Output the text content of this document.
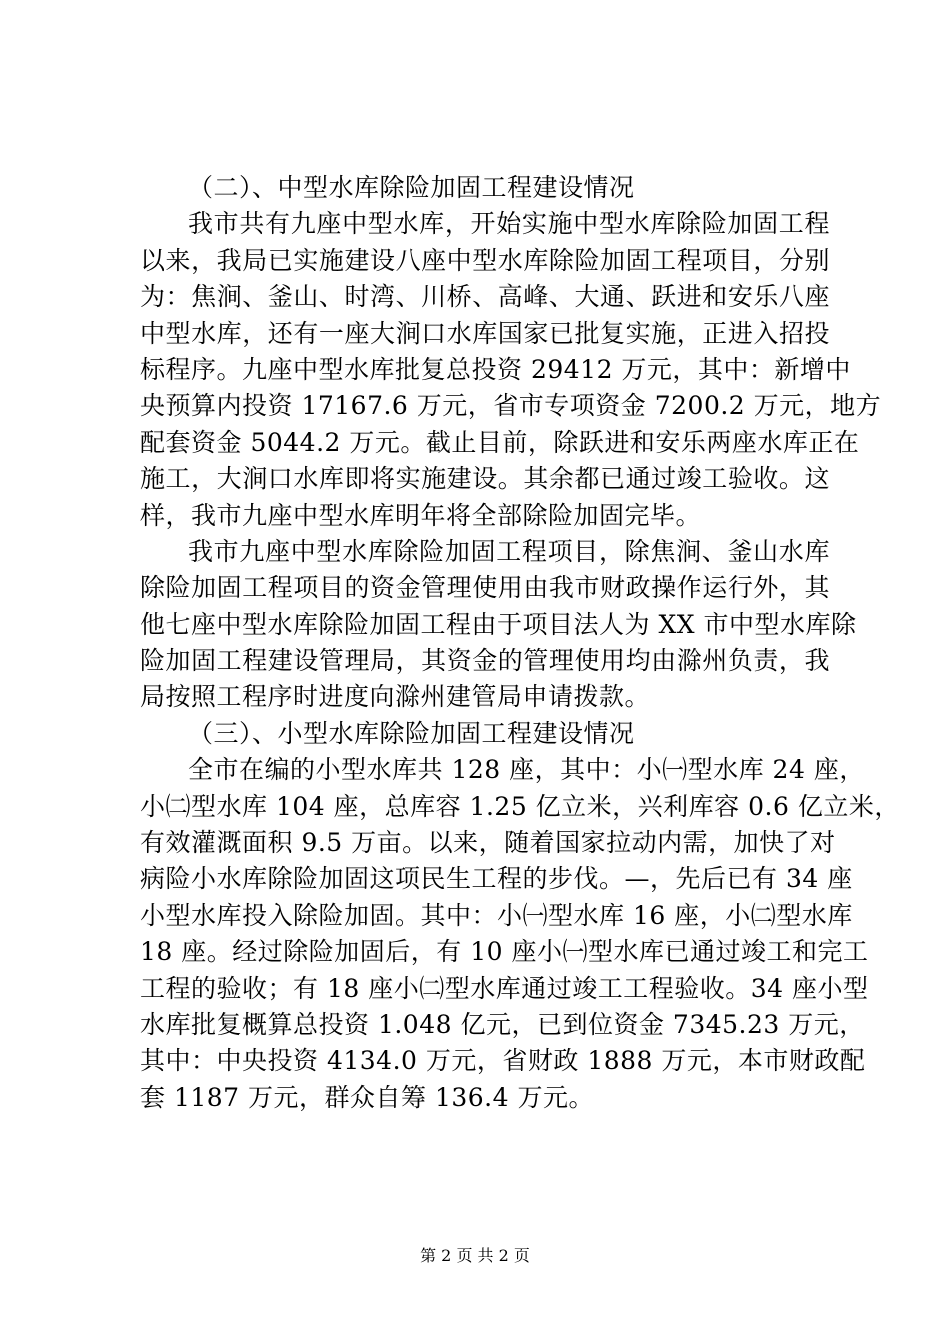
（二）、中型水库除险加固工程建设情况
我市共有九座中型水库，开始实施中型水库除险加固工程
以来，我局已实施建设八座中型水库除险加固工程项目，分别
为：焦涧、釜山、时湾、川桥、高峰、大通、跃进和安乐八座
中型水库，还有一座大涧口水库国家已批复实施，正进入招投
标程序。九座中型水库批复总投资 29412 万元，其中：新增中
央预算内投资 17167.6 万元，省市专项资金 7200.2 万元，地方
配套资金 5044.2 万元。截止目前，除跃进和安乐两座水库正在
施工，大涧口水库即将实施建设。其余都已通过竣工验收。这
样，我市九座中型水库明年将全部除险加固完毕。
我市九座中型水库除险加固工程项目，除焦涧、釜山水库
除险加固工程项目的资金管理使用由我市财政操作运行外，其
他七座中型水库除险加固工程由于项目法人为 XX 市中型水库除
险加固工程建设管理局，其资金的管理使用均由滁州负责，我
局按照工程序时进度向滁州建管局申请拨款。
（三）、小型水库除险加固工程建设情况
全市在编的小型水库共 128 座，其中：小㈠型水库 24 座，
小㈡型水库 104 座，总库容 1.25 亿立米，兴利库容 0.6 亿立米，
有效灌溉面积 9.5 万亩。以来，随着国家拉动内需，加快了对
病险小水库除险加固这项民生工程的步伐。—，先后已有 34 座
小型水库投入除险加固。其中：小㈠型水库 16 座，小㈡型水库
18 座。经过除险加固后，有 10 座小㈠型水库已通过竣工和完工
工程的验收；有 18 座小㈡型水库通过竣工工程验收。34 座小型
水库批复概算总投资 1.048 亿元，已到位资金 7345.23 万元，
其中：中央投资 4134.0 万元，省财政 1888 万元，本市财政配
套 1187 万元，群众自筹 136.4 万元。
第 2 页 共 2 页
